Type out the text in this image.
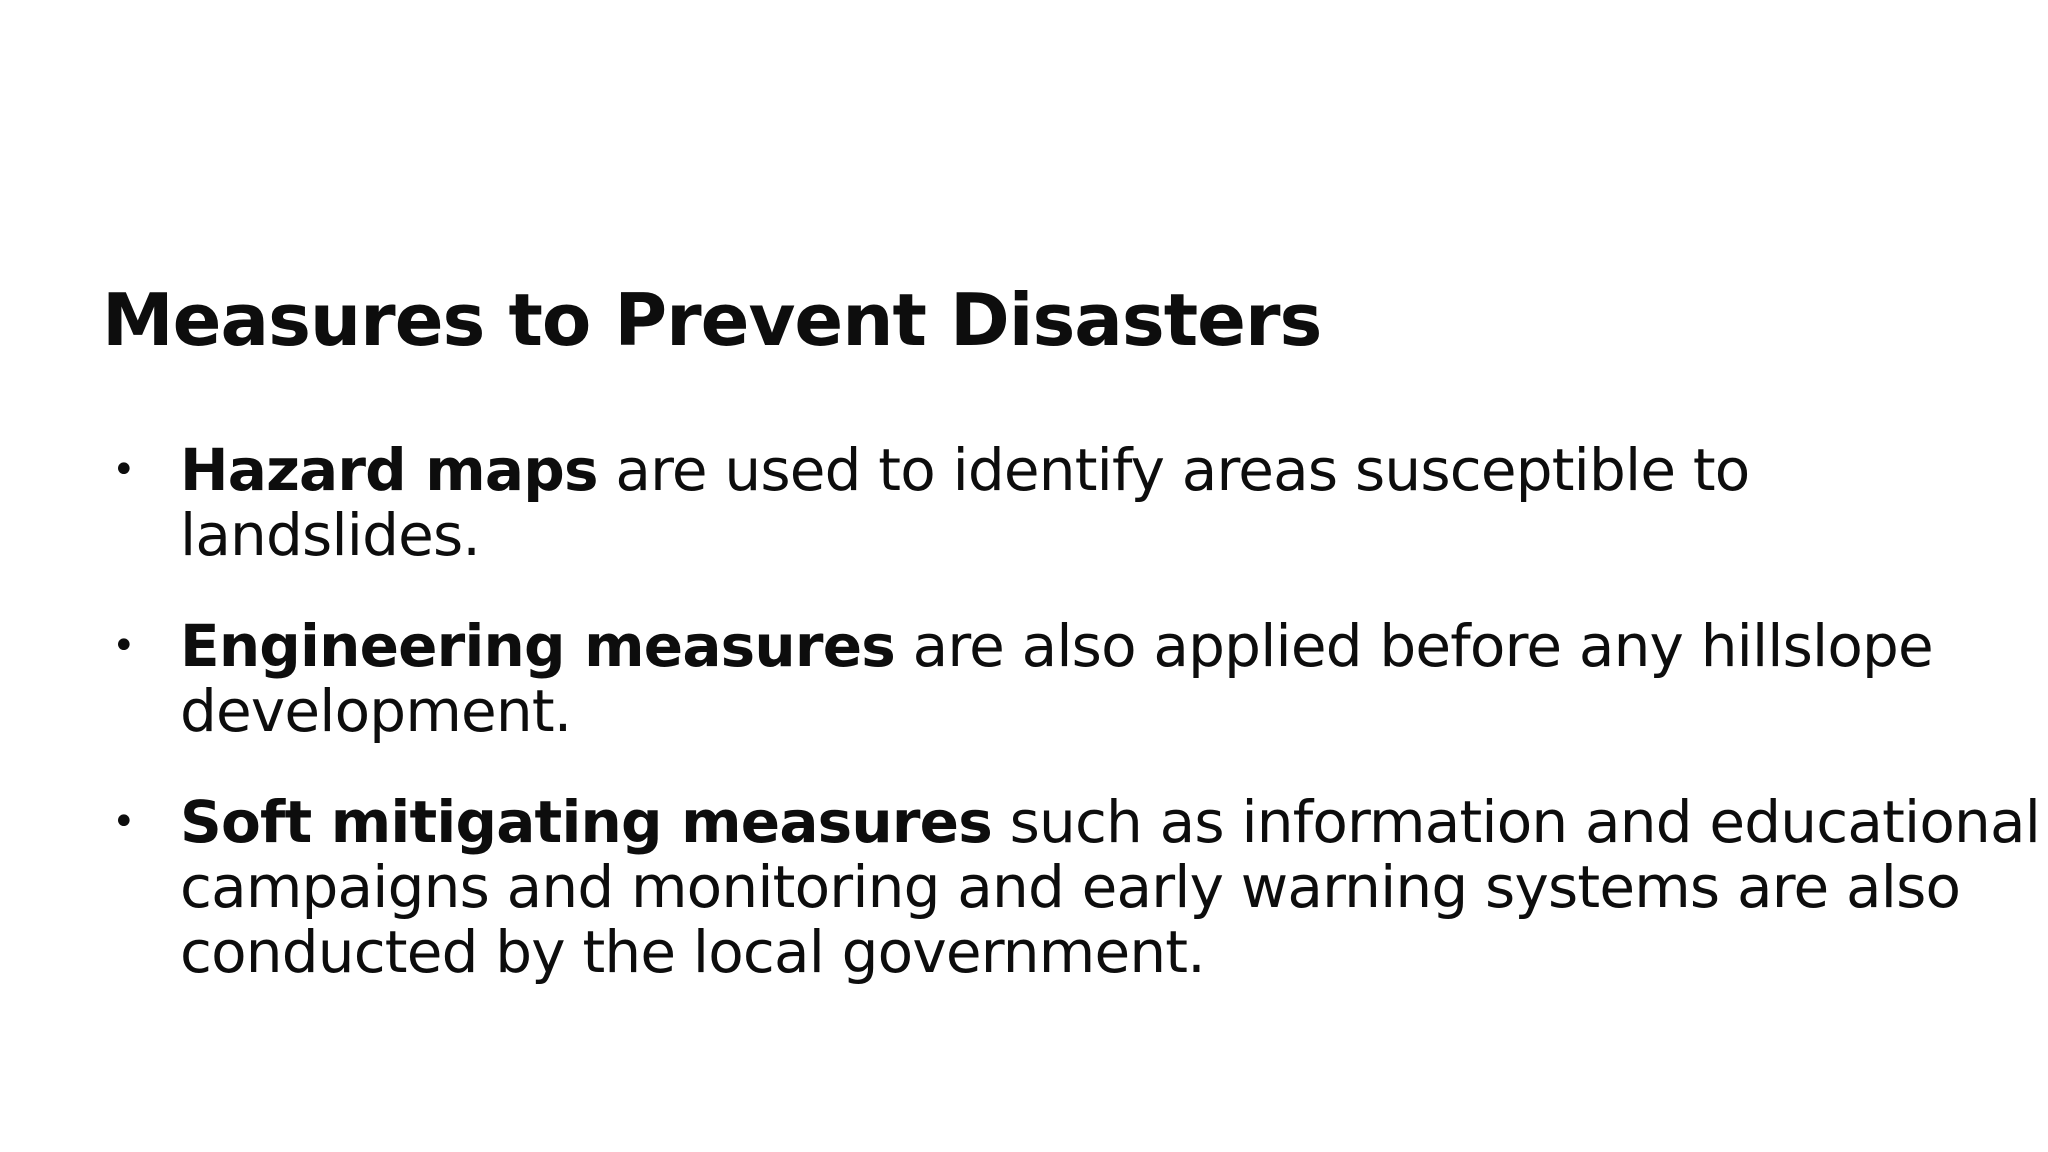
Measures to Prevent Disasters
• Hazard maps are used to identify areas susceptible to
landslides.
• Engineering measures are also applied before any hillslope
development.
• Soft mitigating measures such as information and educational
campaigns and monitoring and early warning systems are also
conducted by the local government.
